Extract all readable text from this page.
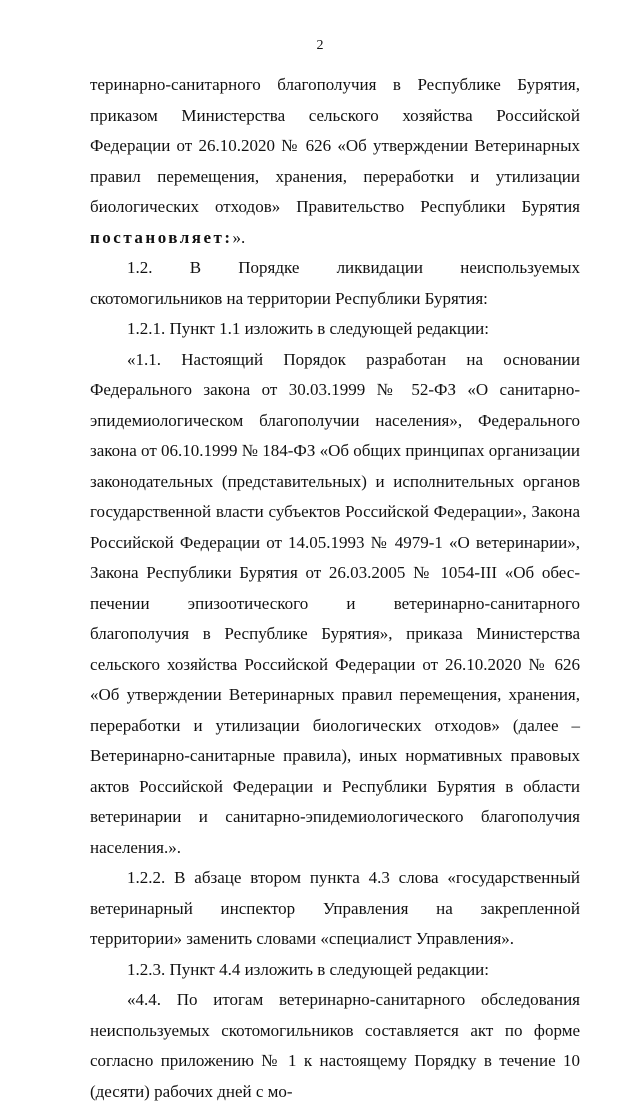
2

теринарно-санитарного благополучия в Республике Бурятия, приказом Министерства сельского хозяйства Российской Федерации от 26.10.2020 № 626 «Об утверждении Ветеринарных правил перемещения, хранения, переработки и утилизации биологических отходов» Правительство Республики Бурятия постановляет:».

1.2. В Порядке ликвидации неиспользуемых скотомогильников на территории Республики Бурятия:

1.2.1. Пункт 1.1 изложить в следующей редакции:

«1.1. Настоящий Порядок разработан на основании Федерального закона от 30.03.1999 № 52-ФЗ «О санитарно-эпидемиологическом благополучии населения», Федерального закона от 06.10.1999 № 184-ФЗ «Об общих принципах организации законодательных (представительных) и исполнительных органов государственной власти субъектов Российской Федерации», Закона Российской Федерации от 14.05.1993 № 4979-1 «О ветеринарии», Закона Республики Бурятия от 26.03.2005 № 1054-III «Об обеспечении эпизоотического и ветеринарно-санитарного благополучия в Республике Бурятия», приказа Министерства сельского хозяйства Российской Федерации от 26.10.2020 № 626 «Об утверждении Ветеринарных правил перемещения, хранения, переработки и утилизации биологических отходов» (далее – Ветеринарно-санитарные правила), иных нормативных правовых актов Российской Федерации и Республики Бурятия в области ветеринарии и санитарно-эпидемиологического благополучия населения.».

1.2.2. В абзаце втором пункта 4.3 слова «государственный ветеринарный инспектор Управления на закрепленной территории» заменить словами «специалист Управления».

1.2.3. Пункт 4.4 изложить в следующей редакции:

«4.4. По итогам ветеринарно-санитарного обследования неиспользуемых скотомогильников составляется акт по форме согласно приложению № 1 к настоящему Порядку в течение 10 (десяти) рабочих дней с мо-
